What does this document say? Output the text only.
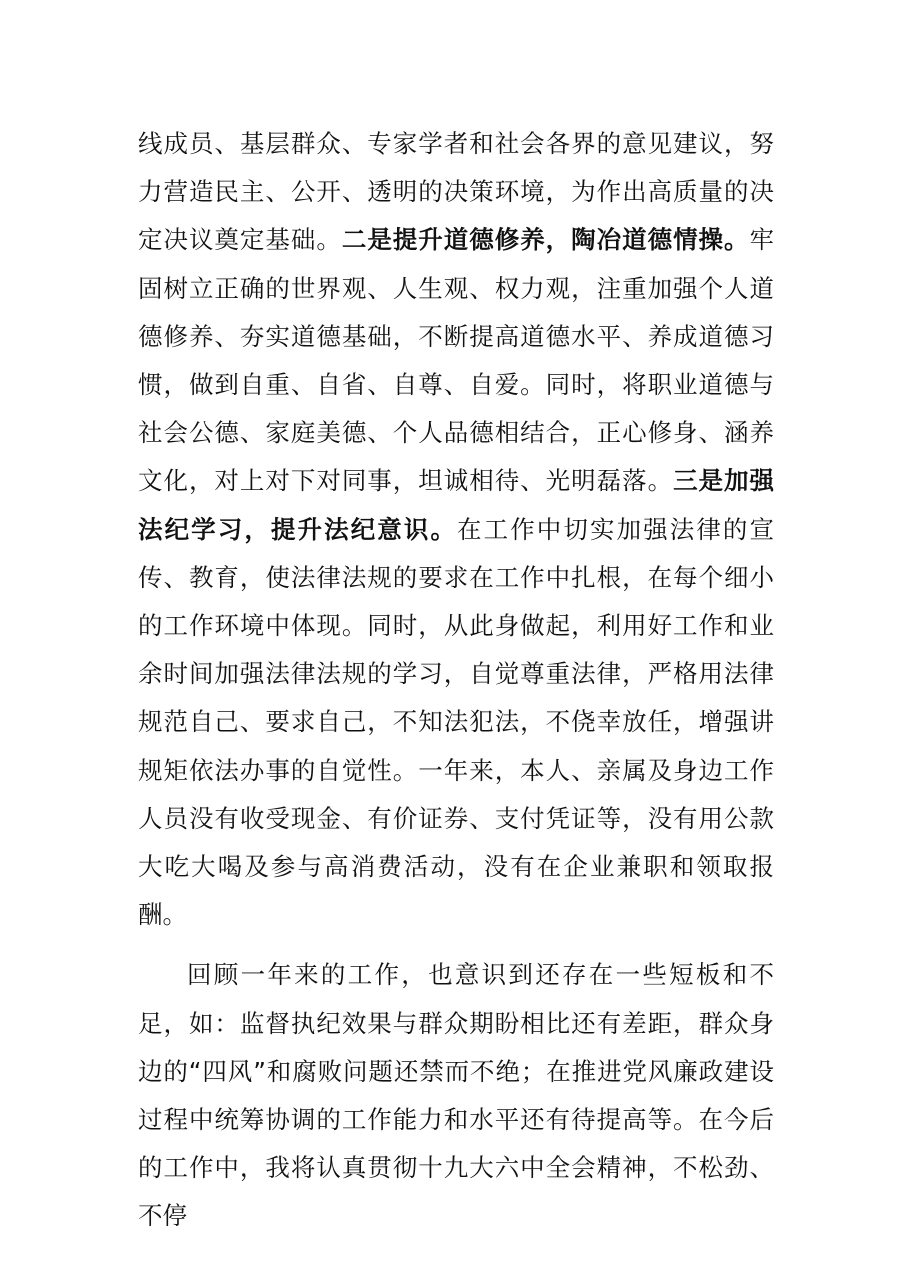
线成员、基层群众、专家学者和社会各界的意见建议，努力营造民主、公开、透明的决策环境，为作出高质量的决定决议奠定基础。二是提升道德修养，陶冶道德情操。牢固树立正确的世界观、人生观、权力观，注重加强个人道德修养、夯实道德基础，不断提高道德水平、养成道德习惯，做到自重、自省、自尊、自爱。同时，将职业道德与社会公德、家庭美德、个人品德相结合，正心修身、涵养文化，对上对下对同事，坦诚相待、光明磊落。三是加强法纪学习，提升法纪意识。在工作中切实加强法律的宣传、教育，使法律法规的要求在工作中扎根，在每个细小的工作环境中体现。同时，从此身做起，利用好工作和业余时间加强法律法规的学习，自觉尊重法律，严格用法律规范自己、要求自己，不知法犯法，不侥幸放任，增强讲规矩依法办事的自觉性。一年来，本人、亲属及身边工作人员没有收受现金、有价证券、支付凭证等，没有用公款大吃大喝及参与高消费活动，没有在企业兼职和领取报酬。

回顾一年来的工作，也意识到还存在一些短板和不足，如：监督执纪效果与群众期盼相比还有差距，群众身边的“四风”和腐败问题还禁而不绝；在推进党风廉政建设过程中统筹协调的工作能力和水平还有待提高等。在今后的工作中，我将认真贯彻十九大六中全会精神，不松劲、不停
